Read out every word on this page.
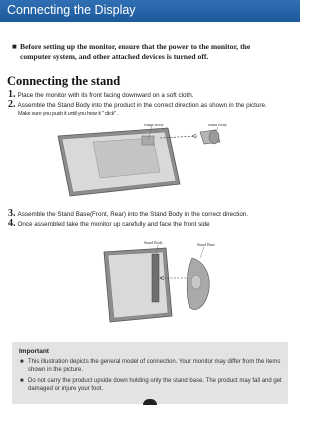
Connecting the Display
■ Before setting up the monitor, ensure that the power to the monitor, the computer system, and other attached devices is turned off.
Connecting the stand
1. Place the monitor with its front facing downward on a soft cloth.
2. Assemble the Stand Body into the product in the correct direction as shown in the picture.
Make sure you push it until you hear it " click" .
Hinge Body	Stand Body
3. Assemble the Stand Base(Front, Rear) into the Stand Body in the correct direction.
4. Once assembled take the monitor up carefully and face the front side
Stand Body	Stand Base
Important
■ This illustration depicts the general model of connection. Your monitor may differ from the items shown in the picture.
■ Do not carry the product upside down holding only the stand base. The product may fall and get damaged or injure your foot.
